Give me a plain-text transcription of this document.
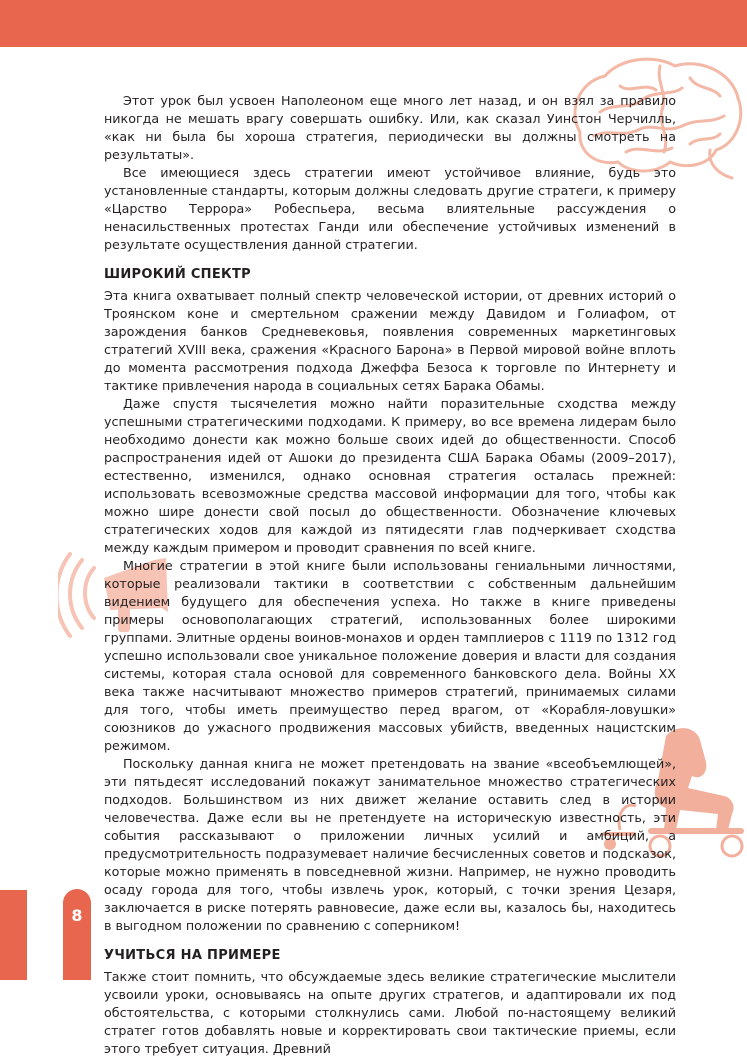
Этот урок был усвоен Наполеоном еще много лет назад, и он взял за правило никогда не мешать врагу совершать ошибку. Или, как сказал Уинстон Черчилль, «как ни была бы хороша стратегия, периодически вы должны смотреть на результаты».

Все имеющиеся здесь стратегии имеют устойчивое влияние, будь это установленные стандарты, которым должны следовать другие стратеги, к примеру «Царство Террора» Робеспьера, весьма влиятельные рассуждения о ненасильственных протестах Ганди или обеспечение устойчивых изменений в результате осуществления данной стратегии.

ШИРОКИЙ СПЕКТР

Эта книга охватывает полный спектр человеческой истории, от древних историй о Троянском коне и смертельном сражении между Давидом и Голиафом, от зарождения банков Средневековья, появления современных маркетинговых стратегий XVIII века, сражения «Красного Барона» в Первой мировой войне вплоть до момента рассмотрения подхода Джеффа Безоса к торговле по Интернету и тактике привлечения народа в социальных сетях Барака Обамы.

Даже спустя тысячелетия можно найти поразительные сходства между успешными стратегическими подходами. К примеру, во все времена лидерам было необходимо донести как можно больше своих идей до общественности. Способ распространения идей от Ашоки до президента США Барака Обамы (2009–2017), естественно, изменился, однако основная стратегия осталась прежней: использовать всевозможные средства массовой информации для того, чтобы как можно шире донести свой посыл до общественности. Обозначение ключевых стратегических ходов для каждой из пятидесяти глав подчеркивает сходства между каждым примером и проводит сравнения по всей книге.

Многие стратегии в этой книге были использованы гениальными личностями, которые реализовали тактики в соответствии с собственным дальнейшим видением будущего для обеспечения успеха. Но также в книге приведены примеры основополагающих стратегий, использованных более широкими группами. Элитные ордены воинов-монахов и орден тамплиеров с 1119 по 1312 год успешно использовали свое уникальное положение доверия и власти для создания системы, которая стала основой для современного банковского дела. Войны XX века также насчитывают множество примеров стратегий, принимаемых силами для того, чтобы иметь преимущество перед врагом, от «Корабля-ловушки» союзников до ужасного продвижения массовых убийств, введенных нацистским режимом.

Поскольку данная книга не может претендовать на звание «всеобъемлющей», эти пятьдесят исследований покажут занимательное множество стратегических подходов. Большинством из них движет желание оставить след в истории человечества. Даже если вы не претендуете на историческую известность, эти события рассказывают о приложении личных усилий и амбиций, а предусмотрительность подразумевает наличие бесчисленных советов и подсказок, которые можно применять в повседневной жизни. Например, не нужно проводить осаду города для того, чтобы извлечь урок, который, с точки зрения Цезаря, заключается в риске потерять равновесие, даже если вы, казалось бы, находитесь в выгодном положении по сравнению с соперником!

УЧИТЬСЯ НА ПРИМЕРЕ

Также стоит помнить, что обсуждаемые здесь великие стратегические мыслители усвоили уроки, основываясь на опыте других стратегов, и адаптировали их под обстоятельства, с которыми столкнулись сами. Любой по-настоящему великий стратег готов добавлять новые и корректировать свои тактические приемы, если этого требует ситуация. Древний

8
